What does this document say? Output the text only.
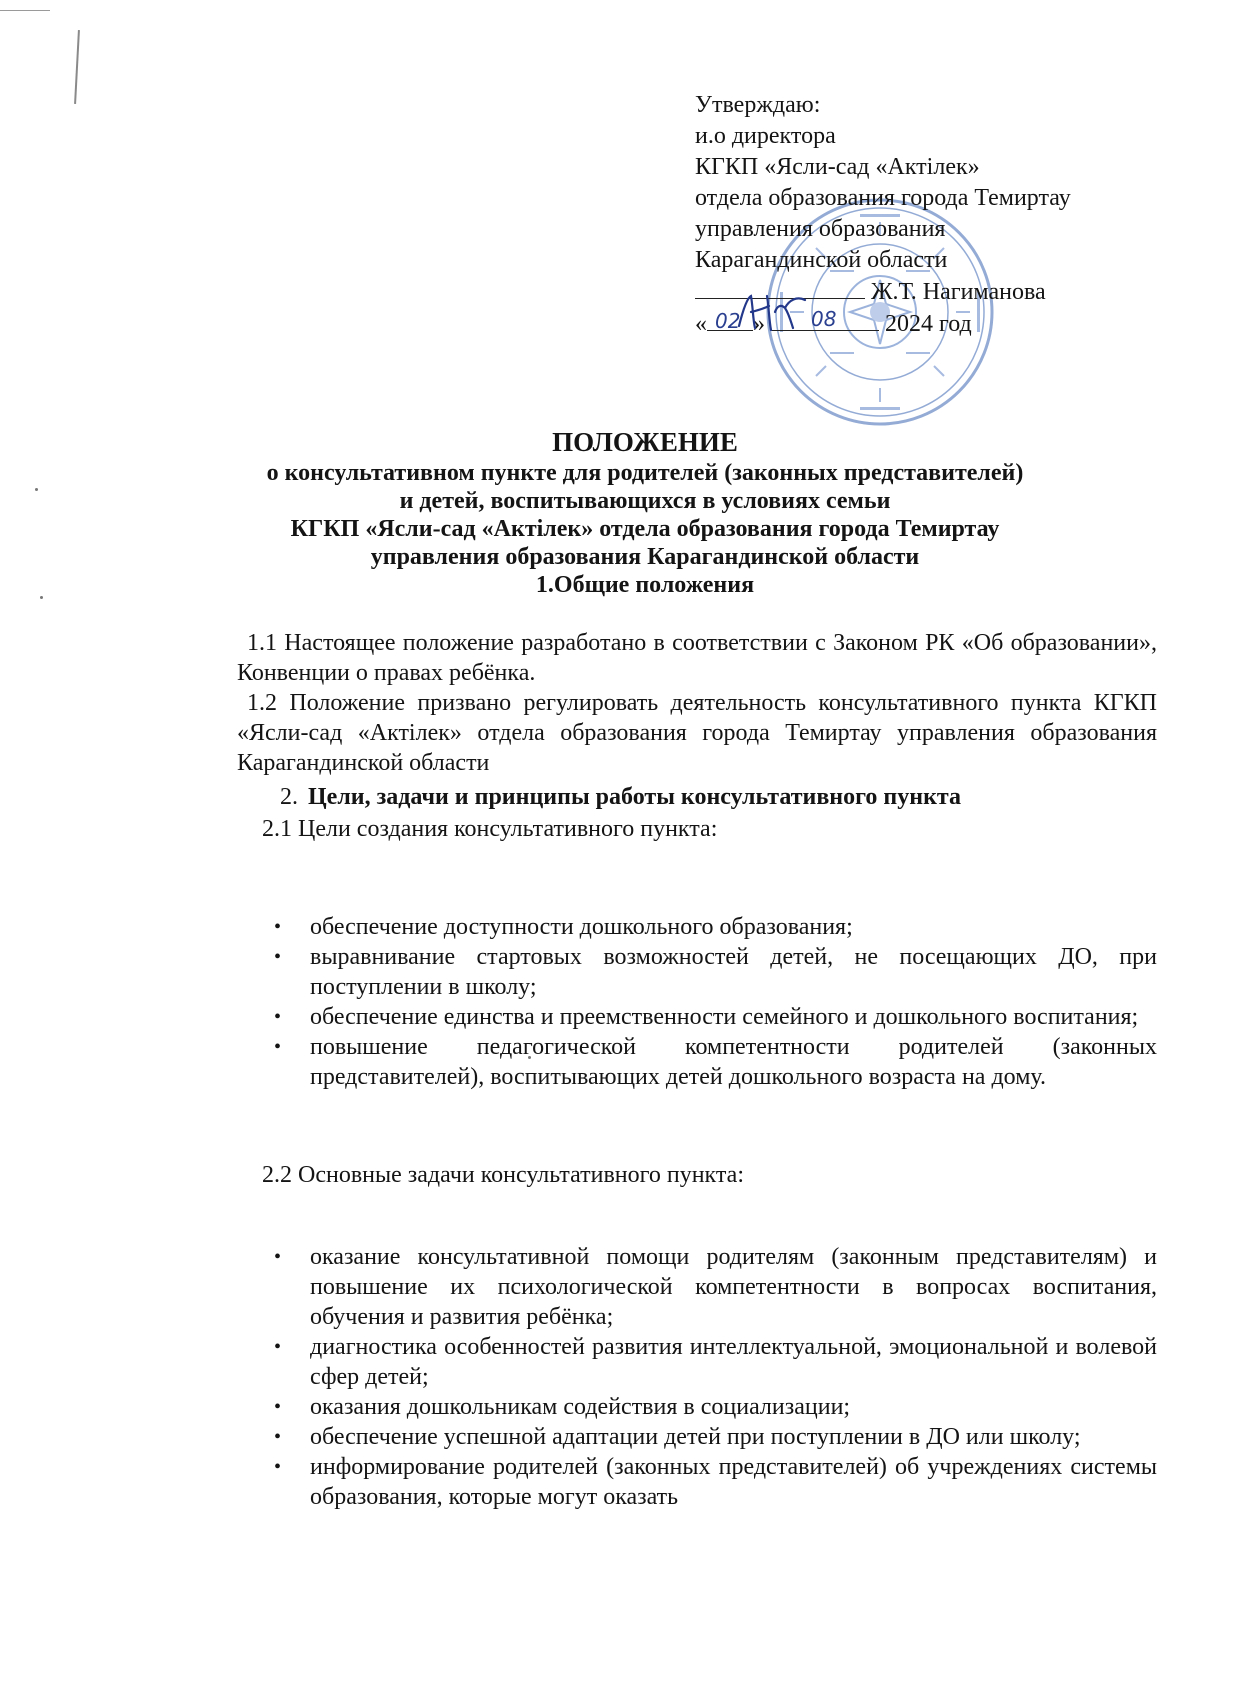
Утверждаю:
и.о директора
КГКП «Ясли-сад «Актілек»
отдела образования города Темиртау
управления образования
Карагандинской области
Ж.Т. Нагиманова
« 02 » 08 2024 год
ПОЛОЖЕНИЕ
о консультативном пункте для родителей (законных представителей)
и детей, воспитывающихся в условиях семьи
КГКП «Ясли-сад «Актілек» отдела образования города Темиртау
управления образования Карагандинской области
1.Общие положения

1.1 Настоящее положение разработано в соответствии с Законом РК «Об образовании», Конвенции о правах ребёнка.

1.2 Положение призвано регулировать деятельность консультативного пункта КГКП «Ясли-сад «Актілек» отдела образования города Темиртау управления образования Карагандинской области

2. Цели, задачи и принципы работы консультативного пункта
2.1 Цели создания консультативного пункта:
• обеспечение доступности дошкольного образования;
• выравнивание стартовых возможностей детей, не посещающих ДО, при поступлении в школу;
• обеспечение единства и преемственности семейного и дошкольного воспитания;
• повышение педагогической компетентности родителей (законных представителей), воспитывающих детей дошкольного возраста на дому.
2.2 Основные задачи консультативного пункта:
• оказание консультативной помощи родителям (законным представителям) и повышение их психологической компетентности в вопросах воспитания, обучения и развития ребёнка;
• диагностика особенностей развития интеллектуальной, эмоциональной и волевой сфер детей;
• оказания дошкольникам содействия в социализации;
• обеспечение успешной адаптации детей при поступлении в ДО или школу;
• информирование родителей (законных представителей) об учреждениях системы образования, которые могут оказать
